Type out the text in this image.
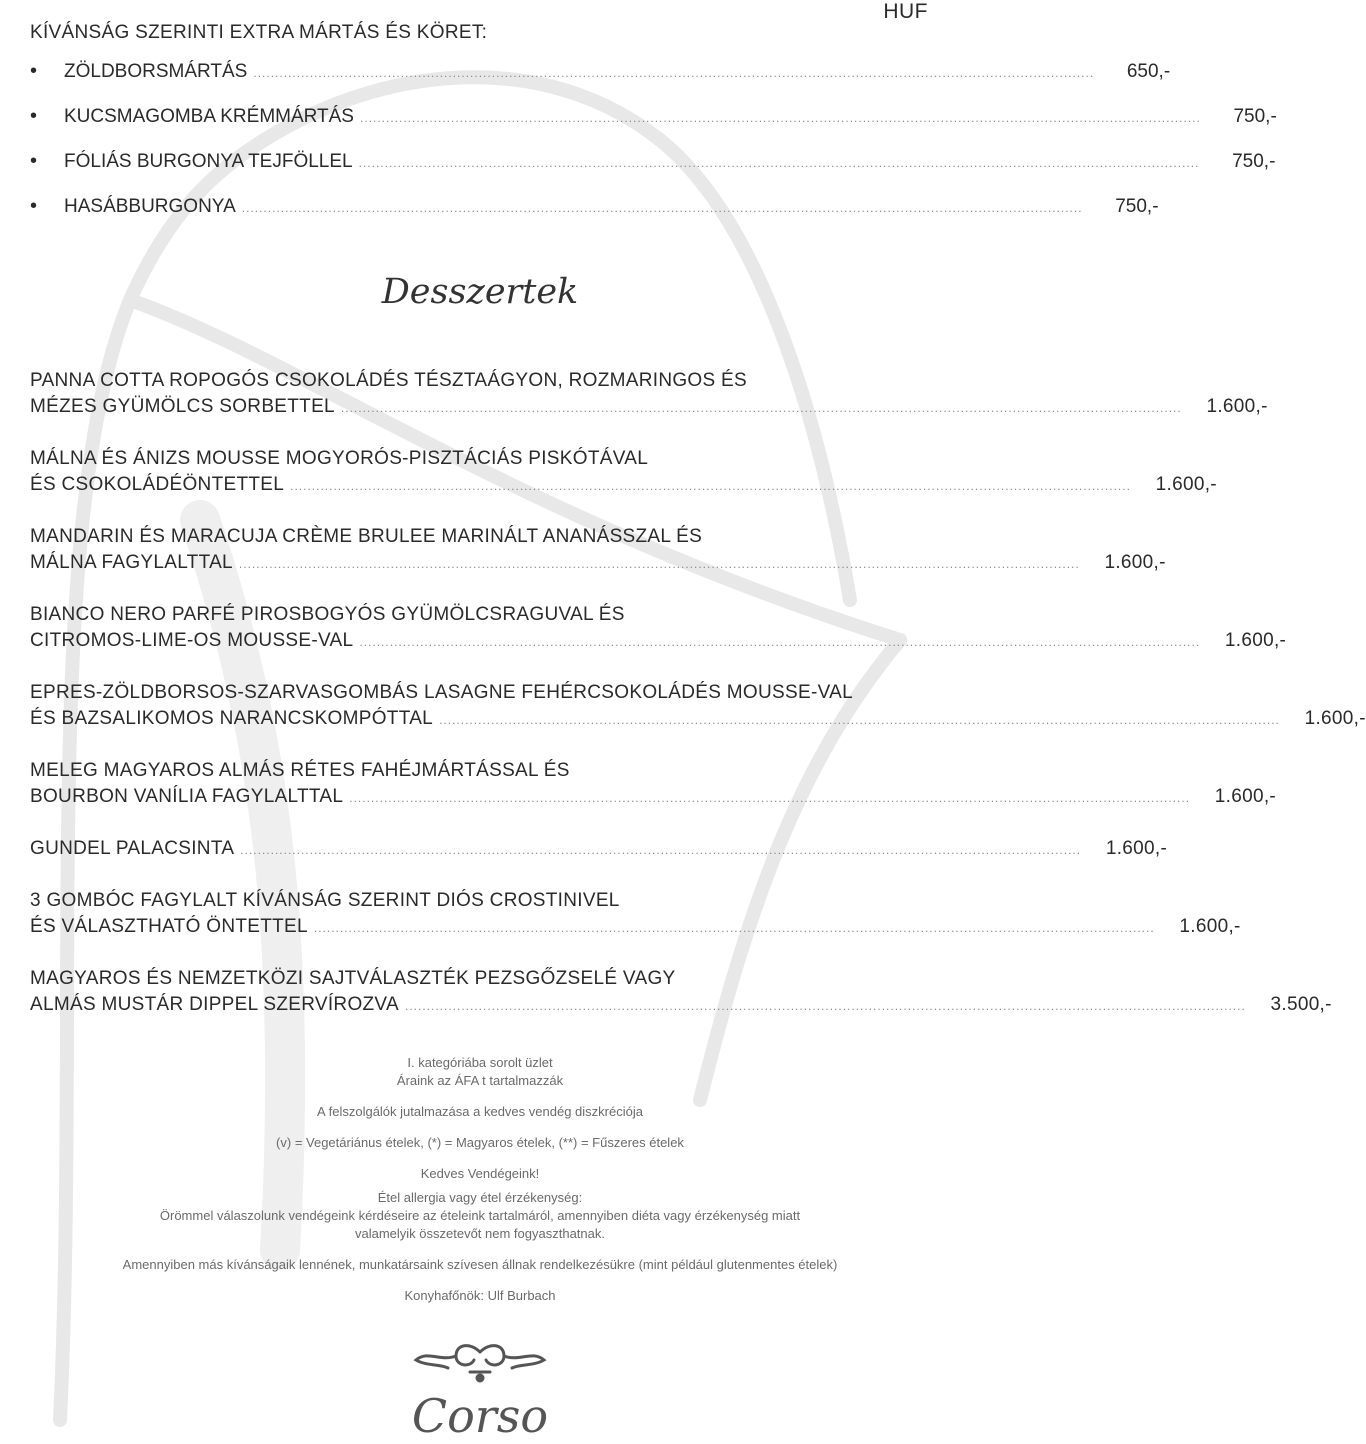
HUF
KÍVÁNSÁG SZERINTI EXTRA MÁRTÁS ÉS KÖRET:
•	ZÖLDBORSMÁRTÁS ..................................................................................................................................................................................................	650,-
•	KUCSMAGOMBA KRÉMMÁRTÁS ..................................................................................................................................................................................................	750,-
•	FÓLIÁS BURGONYA TEJFÖLLEL ..................................................................................................................................................................................................	750,-
•	HASÁBBURGONYA ..................................................................................................................................................................................................	750,-
Desszertek
PANNA COTTA ROPOGÓS CSOKOLÁDÉS TÉSZTAÁGYON, ROZMARINGOS ÉS
MÉZES GYÜMÖLCS SORBETTEL ..................................................................................................................................................................................................	1.600,-
MÁLNA ÉS ÁNIZS MOUSSE MOGYORÓS-PISZTÁCIÁS PISKÓTÁVAL
ÉS CSOKOLÁDÉÖNTETTEL ..................................................................................................................................................................................................	1.600,-
MANDARIN ÉS MARACUJA CRÈME BRULEE MARINÁLT ANANÁSSZAL ÉS
MÁLNA FAGYLALTTAL ..................................................................................................................................................................................................	1.600,-
BIANCO NERO PARFÉ PIROSBOGYÓS GYÜMÖLCSRAGUVAL ÉS
CITROMOS-LIME-OS MOUSSE-VAL ..................................................................................................................................................................................................	1.600,-
EPRES-ZÖLDBORSOS-SZARVASGOMBÁS LASAGNE FEHÉRCSOKOLÁDÉS MOUSSE-VAL
ÉS BAZSALIKOMOS NARANCSKOMPÓTTAL ..................................................................................................................................................................................................	1.600,-
MELEG MAGYAROS ALMÁS RÉTES FAHÉJMÁRTÁSSAL ÉS
BOURBON VANÍLIA FAGYLALTTAL ..................................................................................................................................................................................................	1.600,-
GUNDEL PALACSINTA ..................................................................................................................................................................................................	1.600,-
3 GOMBÓC FAGYLALT KÍVÁNSÁG SZERINT DIÓS CROSTINIVEL
ÉS VÁLASZTHATÓ ÖNTETTEL ..................................................................................................................................................................................................	1.600,-
MAGYAROS ÉS NEMZETKÖZI SAJTVÁLASZTÉK PEZSGŐZSELÉ VAGY
ALMÁS MUSTÁR DIPPEL SZERVÍROZVA ..................................................................................................................................................................................................	3.500,-
I. kategóriába sorolt üzlet
Áraink az ÁFA t tartalmazzák
A felszolgálók jutalmazása a kedves vendég diszkréciója
(v) = Vegetáriánus ételek, (*) = Magyaros ételek, (**) = Fűszeres ételek
Kedves Vendégeink!
Étel allergia vagy étel érzékenység:
Örömmel válaszolunk vendégeink kérdéseire az ételeink tartalmáról, amennyiben diéta vagy érzékenység miatt
valamelyik összetevőt nem fogyaszthatnak.
Amennyiben más kívánságaik lennének, munkatársaink szívesen állnak rendelkezésükre (mint például glutenmentes ételek)
Konyhafőnök: Ulf Burbach
Corso
